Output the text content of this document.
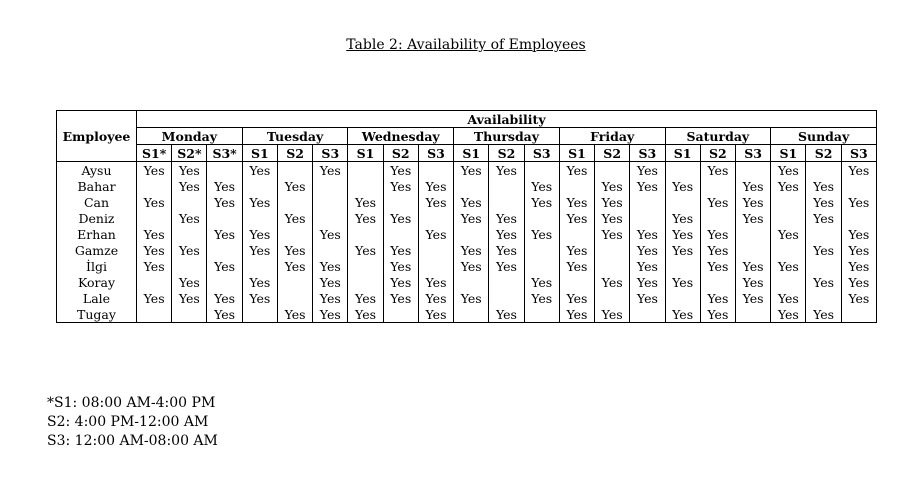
Table 2: Availability of Employees
Employee	Availability																				
	Monday			Tuesday			Wednesday			Thursday			Friday			Saturday			Sunday		
	S1*	S2*	S3*	S1	S2	S3	S1	S2	S3	S1	S2	S3	S1	S2	S3	S1	S2	S3	S1	S2	S3
Aysu	Yes	Yes		Yes		Yes		Yes		Yes	Yes		Yes		Yes		Yes		Yes		Yes
Bahar		Yes	Yes		Yes			Yes	Yes			Yes		Yes	Yes	Yes		Yes	Yes	Yes	
Can	Yes		Yes	Yes			Yes		Yes	Yes		Yes	Yes	Yes			Yes	Yes		Yes	Yes
Deniz		Yes			Yes		Yes	Yes		Yes	Yes		Yes	Yes		Yes		Yes		Yes	
Erhan	Yes		Yes	Yes		Yes			Yes		Yes	Yes		Yes	Yes	Yes	Yes		Yes		Yes
Gamze	Yes	Yes		Yes	Yes		Yes	Yes		Yes	Yes		Yes		Yes	Yes	Yes			Yes	Yes
İlgi	Yes		Yes		Yes	Yes		Yes		Yes	Yes		Yes		Yes		Yes	Yes	Yes		Yes
Koray		Yes		Yes		Yes		Yes	Yes			Yes		Yes	Yes	Yes		Yes		Yes	Yes
Lale	Yes	Yes	Yes	Yes		Yes	Yes	Yes	Yes	Yes		Yes	Yes		Yes		Yes	Yes	Yes		Yes
Tugay			Yes		Yes	Yes	Yes		Yes		Yes		Yes	Yes		Yes	Yes		Yes	Yes	
*S1: 08:00 AM-4:00 PM
S2: 4:00 PM-12:00 AM
S3: 12:00 AM-08:00 AM
